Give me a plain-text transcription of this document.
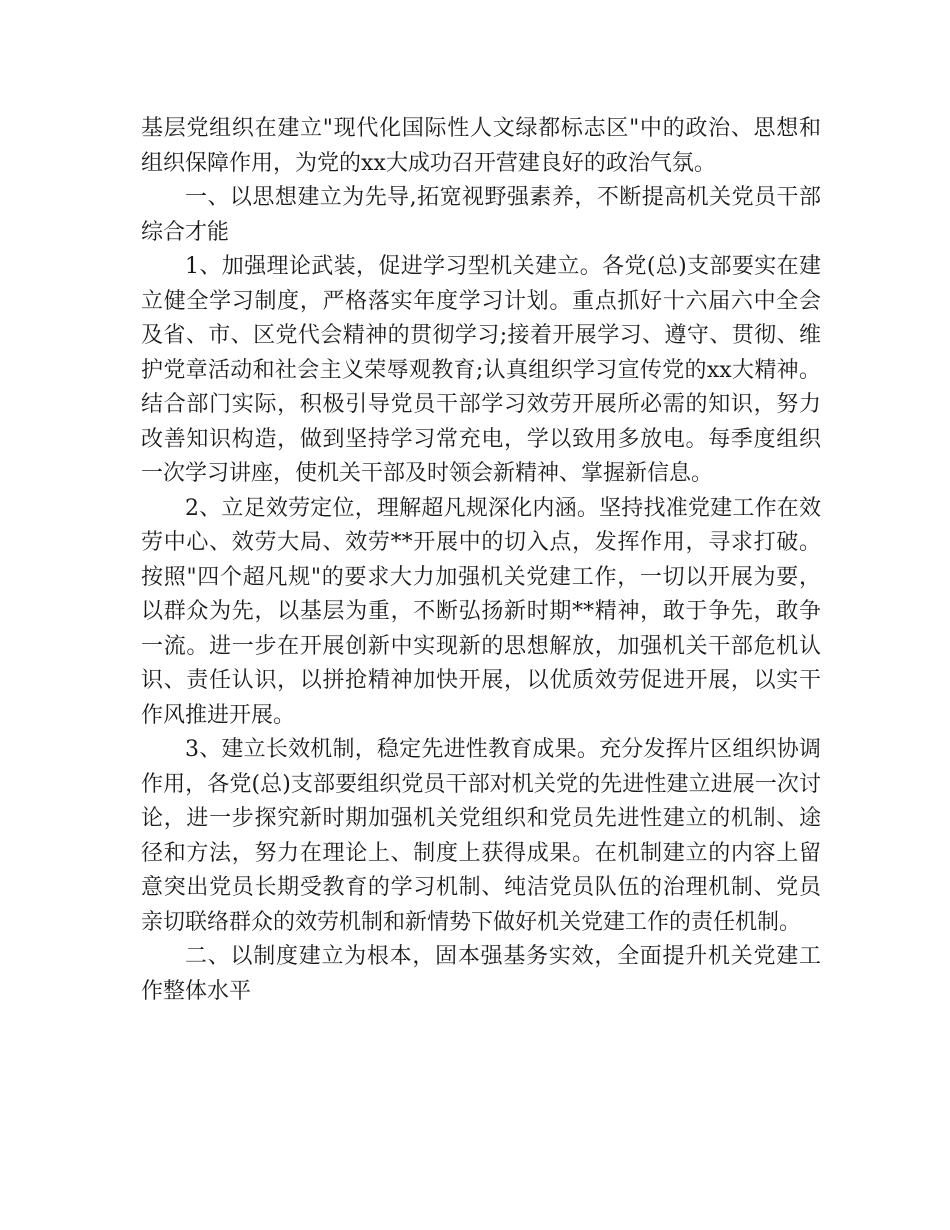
基层党组织在建立"现代化国际性人文绿都标志区"中的政治、思想和组织保障作用，为党的xx大成功召开营建良好的政治气氛。

一、以思想建立为先导,拓宽视野强素养，不断提高机关党员干部综合才能

1、加强理论武装，促进学习型机关建立。各党(总)支部要实在建立健全学习制度，严格落实年度学习计划。重点抓好十六届六中全会及省、市、区党代会精神的贯彻学习;接着开展学习、遵守、贯彻、维护党章活动和社会主义荣辱观教育;认真组织学习宣传党的xx大精神。结合部门实际，积极引导党员干部学习效劳开展所必需的知识，努力改善知识构造，做到坚持学习常充电，学以致用多放电。每季度组织一次学习讲座，使机关干部及时领会新精神、掌握新信息。

2、立足效劳定位，理解超凡规深化内涵。坚持找准党建工作在效劳中心、效劳大局、效劳**开展中的切入点，发挥作用，寻求打破。按照"四个超凡规"的要求大力加强机关党建工作，一切以开展为要，以群众为先，以基层为重，不断弘扬新时期**精神，敢于争先，敢争一流。进一步在开展创新中实现新的思想解放，加强机关干部危机认识、责任认识，以拼抢精神加快开展，以优质效劳促进开展，以实干作风推进开展。

3、建立长效机制，稳定先进性教育成果。充分发挥片区组织协调作用，各党(总)支部要组织党员干部对机关党的先进性建立进展一次讨论，进一步探究新时期加强机关党组织和党员先进性建立的机制、途径和方法，努力在理论上、制度上获得成果。在机制建立的内容上留意突出党员长期受教育的学习机制、纯洁党员队伍的治理机制、党员亲切联络群众的效劳机制和新情势下做好机关党建工作的责任机制。

二、以制度建立为根本，固本强基务实效，全面提升机关党建工作整体水平
